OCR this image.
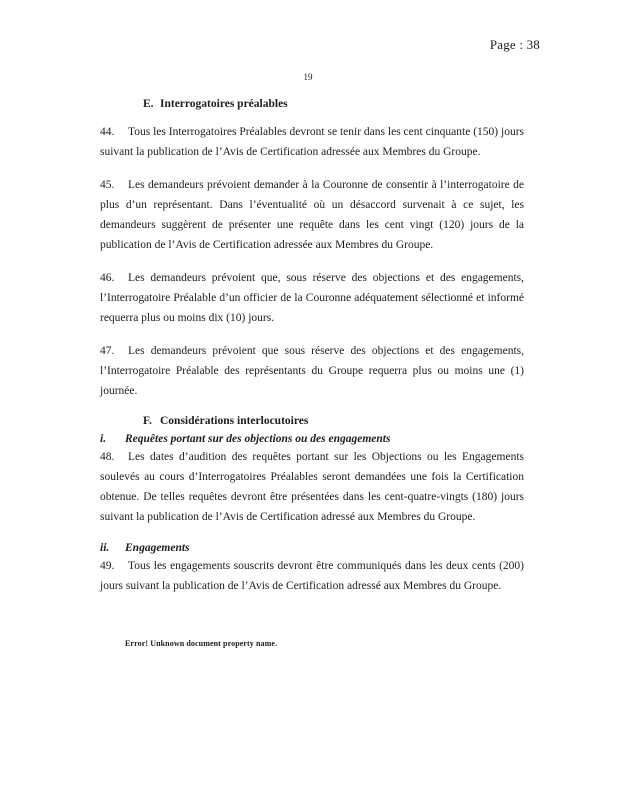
Page : 38
19

E. Interrogatoires préalables

44. Tous les Interrogatoires Préalables devront se tenir dans les cent cinquante (150) jours suivant la publication de l’Avis de Certification adressée aux Membres du Groupe.

45. Les demandeurs prévoient demander à la Couronne de consentir à l’interrogatoire de plus d’un représentant. Dans l’éventualité où un désaccord survenait à ce sujet, les demandeurs suggèrent de présenter une requête dans les cent vingt (120) jours de la publication de l’Avis de Certification adressée aux Membres du Groupe.

46. Les demandeurs prévoient que, sous réserve des objections et des engagements, l’Interrogatoire Préalable d’un officier de la Couronne adéquatement sélectionné et informé requerra plus ou moins dix (10) jours.

47. Les demandeurs prévoient que sous réserve des objections et des engagements, l’Interrogatoire Préalable des représentants du Groupe requerra plus ou moins une (1) journée.

F. Considérations interlocutoires

i. Requêtes portant sur des objections ou des engagements

48. Les dates d’audition des requêtes portant sur les Objections ou les Engagements soulevés au cours d’Interrogatoires Préalables seront demandées une fois la Certification obtenue. De telles requêtes devront être présentées dans les cent-quatre-vingts (180) jours suivant la publication de l’Avis de Certification adressé aux Membres du Groupe.

ii. Engagements

49. Tous les engagements souscrits devront être communiqués dans les deux cents (200) jours suivant la publication de l’Avis de Certification adressé aux Membres du Groupe.

Error! Unknown document property name.
